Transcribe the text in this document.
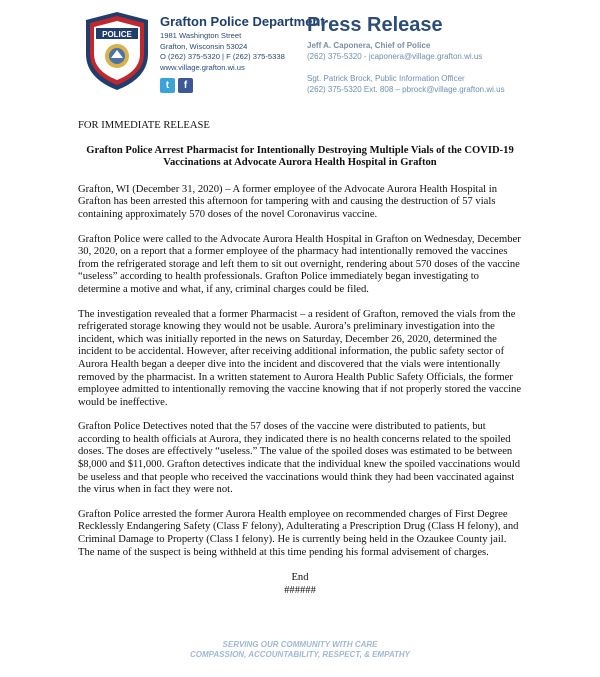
POLICE
Grafton Police Department
1981 Washington Street
Grafton, Wisconsin 53024
O (262) 375-5320 | F (262) 375-5338
www.village.grafton.wi.us
t	f
Press Release
Jeff A. Caponera, Chief of Police
(262) 375-5320 - jcaponera@village.grafton.wi.us
Sgt. Patrick Brock, Public Information Officer
(262) 375-5320 Ext. 808 – pbrock@village.grafton.wi.us
FOR IMMEDIATE RELEASE
Grafton Police Arrest Pharmacist for Intentionally Destroying Multiple Vials of the COVID-19 Vaccinations at Advocate Aurora Health Hospital in Grafton
Grafton, WI (December 31, 2020) – A former employee of the Advocate Aurora Health Hospital in Grafton has been arrested this afternoon for tampering with and causing the destruction of 57 vials containing approximately 570 doses of the novel Coronavirus vaccine.
Grafton Police were called to the Advocate Aurora Health Hospital in Grafton on Wednesday, December 30, 2020, on a report that a former employee of the pharmacy had intentionally removed the vaccines from the refrigerated storage and left them to sit out overnight, rendering about 570 doses of the vaccine “useless” according to health professionals. Grafton Police immediately began investigating to determine a motive and what, if any, criminal charges could be filed.
The investigation revealed that a former Pharmacist – a resident of Grafton, removed the vials from the refrigerated storage knowing they would not be usable. Aurora’s preliminary investigation into the incident, which was initially reported in the news on Saturday, December 26, 2020, determined the incident to be accidental. However, after receiving additional information, the public safety sector of Aurora Health began a deeper dive into the incident and discovered that the vials were intentionally removed by the pharmacist. In a written statement to Aurora Health Public Safety Officials, the former employee admitted to intentionally removing the vaccine knowing that if not properly stored the vaccine would be ineffective.
Grafton Police Detectives noted that the 57 doses of the vaccine were distributed to patients, but according to health officials at Aurora, they indicated there is no health concerns related to the spoiled doses. The doses are effectively “useless.” The value of the spoiled doses was estimated to be between $8,000 and $11,000. Grafton detectives indicate that the individual knew the spoiled vaccinations would be useless and that people who received the vaccinations would think they had been vaccinated against the virus when in fact they were not.
Grafton Police arrested the former Aurora Health employee on recommended charges of First Degree Recklessly Endangering Safety (Class F felony), Adulterating a Prescription Drug (Class H felony), and Criminal Damage to Property (Class I felony). He is currently being held in the Ozaukee County jail. The name of the suspect is being withheld at this time pending his formal advisement of charges.
End
######
SERVING OUR COMMUNITY WITH CARE
COMPASSION, ACCOUNTABILITY, RESPECT, & EMPATHY
